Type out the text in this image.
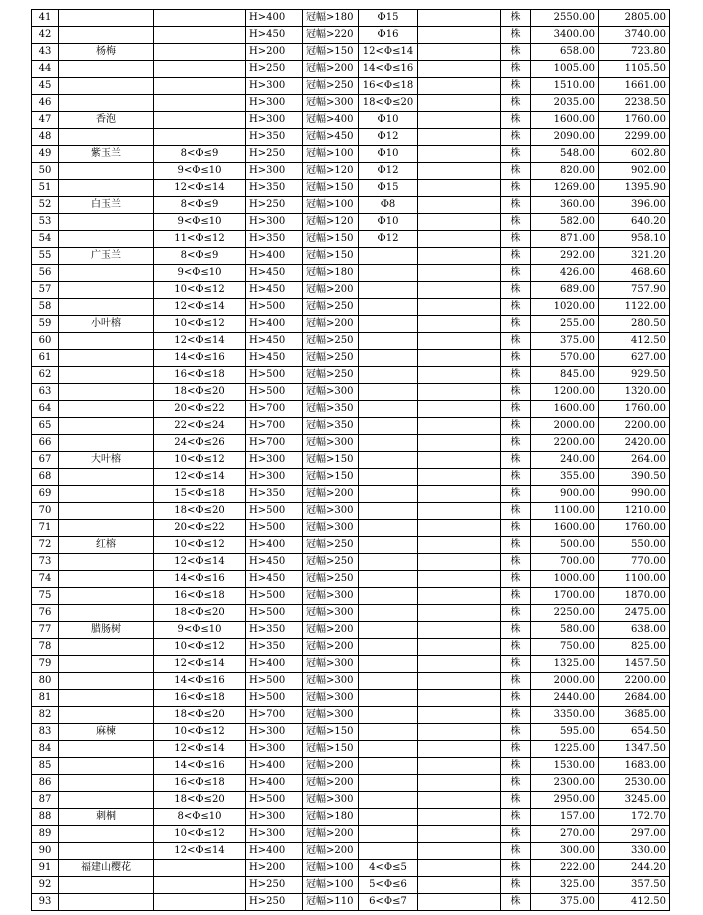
41			H>400	冠幅>180	Φ15		株	2550.00	2805.00
42			H>450	冠幅>220	Φ16		株	3400.00	3740.00
43	杨梅		H>200	冠幅>150	12<Φ≤14		株	658.00	723.80
44			H>250	冠幅>200	14<Φ≤16		株	1005.00	1105.50
45			H>300	冠幅>250	16<Φ≤18		株	1510.00	1661.00
46			H>300	冠幅>300	18<Φ≤20		株	2035.00	2238.50
47	香泡		H>300	冠幅>400	Φ10		株	1600.00	1760.00
48			H>350	冠幅>450	Φ12		株	2090.00	2299.00
49	紫玉兰	8<Φ≤9	H>250	冠幅>100	Φ10		株	548.00	602.80
50		9<Φ≤10	H>300	冠幅>120	Φ12		株	820.00	902.00
51		12<Φ≤14	H>350	冠幅>150	Φ15		株	1269.00	1395.90
52	白玉兰	8<Φ≤9	H>250	冠幅>100	Φ8		株	360.00	396.00
53		9<Φ≤10	H>300	冠幅>120	Φ10		株	582.00	640.20
54		11<Φ≤12	H>350	冠幅>150	Φ12		株	871.00	958.10
55	广玉兰	8<Φ≤9	H>400	冠幅>150			株	292.00	321.20
56		9<Φ≤10	H>450	冠幅>180			株	426.00	468.60
57		10<Φ≤12	H>450	冠幅>200			株	689.00	757.90
58		12<Φ≤14	H>500	冠幅>250			株	1020.00	1122.00
59	小叶榕	10<Φ≤12	H>400	冠幅>200			株	255.00	280.50
60		12<Φ≤14	H>450	冠幅>250			株	375.00	412.50
61		14<Φ≤16	H>450	冠幅>250			株	570.00	627.00
62		16<Φ≤18	H>500	冠幅>250			株	845.00	929.50
63		18<Φ≤20	H>500	冠幅>300			株	1200.00	1320.00
64		20<Φ≤22	H>700	冠幅>350			株	1600.00	1760.00
65		22<Φ≤24	H>700	冠幅>350			株	2000.00	2200.00
66		24<Φ≤26	H>700	冠幅>300			株	2200.00	2420.00
67	大叶榕	10<Φ≤12	H>300	冠幅>150			株	240.00	264.00
68		12<Φ≤14	H>300	冠幅>150			株	355.00	390.50
69		15<Φ≤18	H>350	冠幅>200			株	900.00	990.00
70		18<Φ≤20	H>500	冠幅>300			株	1100.00	1210.00
71		20<Φ≤22	H>500	冠幅>300			株	1600.00	1760.00
72	红榕	10<Φ≤12	H>400	冠幅>250			株	500.00	550.00
73		12<Φ≤14	H>450	冠幅>250			株	700.00	770.00
74		14<Φ≤16	H>450	冠幅>250			株	1000.00	1100.00
75		16<Φ≤18	H>500	冠幅>300			株	1700.00	1870.00
76		18<Φ≤20	H>500	冠幅>300			株	2250.00	2475.00
77	腊肠树	9<Φ≤10	H>350	冠幅>200			株	580.00	638.00
78		10<Φ≤12	H>350	冠幅>200			株	750.00	825.00
79		12<Φ≤14	H>400	冠幅>300			株	1325.00	1457.50
80		14<Φ≤16	H>500	冠幅>300			株	2000.00	2200.00
81		16<Φ≤18	H>500	冠幅>300			株	2440.00	2684.00
82		18<Φ≤20	H>700	冠幅>300			株	3350.00	3685.00
83	麻楝	10<Φ≤12	H>300	冠幅>150			株	595.00	654.50
84		12<Φ≤14	H>300	冠幅>150			株	1225.00	1347.50
85		14<Φ≤16	H>400	冠幅>200			株	1530.00	1683.00
86		16<Φ≤18	H>400	冠幅>200			株	2300.00	2530.00
87		18<Φ≤20	H>500	冠幅>300			株	2950.00	3245.00
88	刺桐	8<Φ≤10	H>300	冠幅>180			株	157.00	172.70
89		10<Φ≤12	H>300	冠幅>200			株	270.00	297.00
90		12<Φ≤14	H>400	冠幅>200			株	300.00	330.00
91	福建山樱花		H>200	冠幅>100	4<Φ≤5		株	222.00	244.20
92			H>250	冠幅>100	5<Φ≤6		株	325.00	357.50
93			H>250	冠幅>110	6<Φ≤7		株	375.00	412.50
